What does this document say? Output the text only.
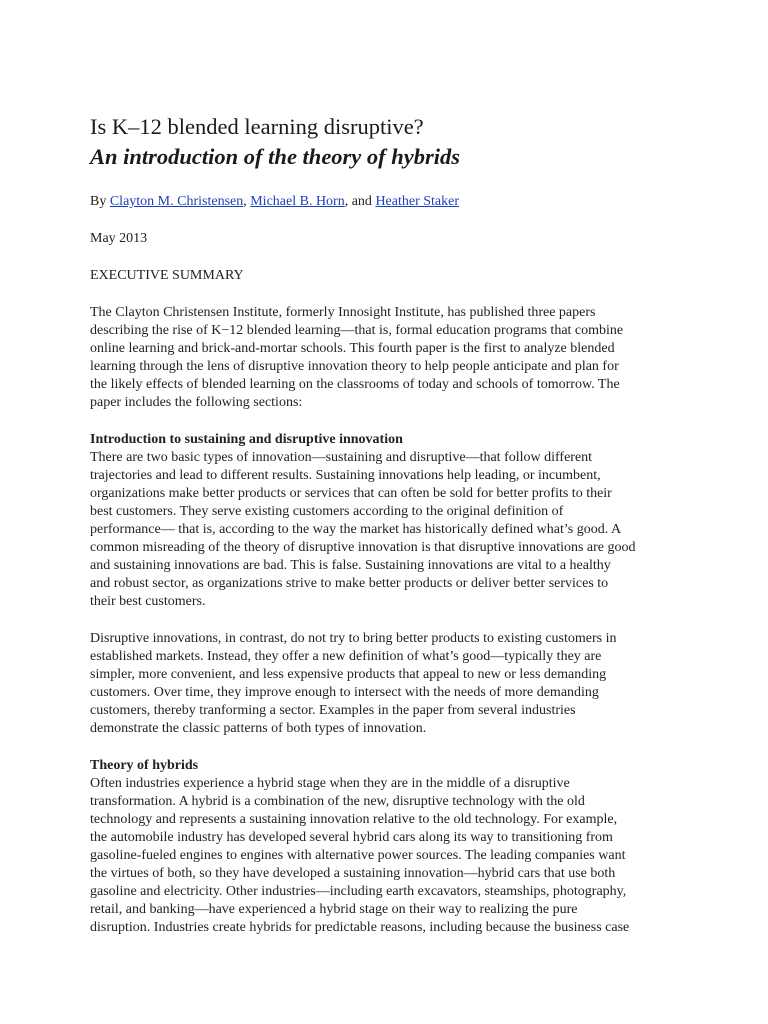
Is K–12 blended learning disruptive?
An introduction of the theory of hybrids

By Clayton M. Christensen, Michael B. Horn, and Heather Staker

May 2013

EXECUTIVE SUMMARY

The Clayton Christensen Institute, formerly Innosight Institute, has published three papers
describing the rise of K−12 blended learning—that is, formal education programs that combine
online learning and brick-and-mortar schools. This fourth paper is the first to analyze blended
learning through the lens of disruptive innovation theory to help people anticipate and plan for
the likely effects of blended learning on the classrooms of today and schools of tomorrow. The
paper includes the following sections:

Introduction to sustaining and disruptive innovation

There are two basic types of innovation—sustaining and disruptive—that follow different
trajectories and lead to different results. Sustaining innovations help leading, or incumbent,
organizations make better products or services that can often be sold for better profits to their
best customers. They serve existing customers according to the original definition of
performance— that is, according to the way the market has historically defined what’s good. A
common misreading of the theory of disruptive innovation is that disruptive innovations are good
and sustaining innovations are bad. This is false. Sustaining innovations are vital to a healthy
and robust sector, as organizations strive to make better products or deliver better services to
their best customers.

Disruptive innovations, in contrast, do not try to bring better products to existing customers in
established markets. Instead, they offer a new definition of what’s good—typically they are
simpler, more convenient, and less expensive products that appeal to new or less demanding
customers. Over time, they improve enough to intersect with the needs of more demanding
customers, thereby tranforming a sector. Examples in the paper from several industries
demonstrate the classic patterns of both types of innovation.

Theory of hybrids

Often industries experience a hybrid stage when they are in the middle of a disruptive
transformation. A hybrid is a combination of the new, disruptive technology with the old
technology and represents a sustaining innovation relative to the old technology. For example,
the automobile industry has developed several hybrid cars along its way to transitioning from
gasoline-fueled engines to engines with alternative power sources. The leading companies want
the virtues of both, so they have developed a sustaining innovation—hybrid cars that use both
gasoline and electricity. Other industries—including earth excavators, steamships, photography,
retail, and banking—have experienced a hybrid stage on their way to realizing the pure
disruption. Industries create hybrids for predictable reasons, including because the business case
